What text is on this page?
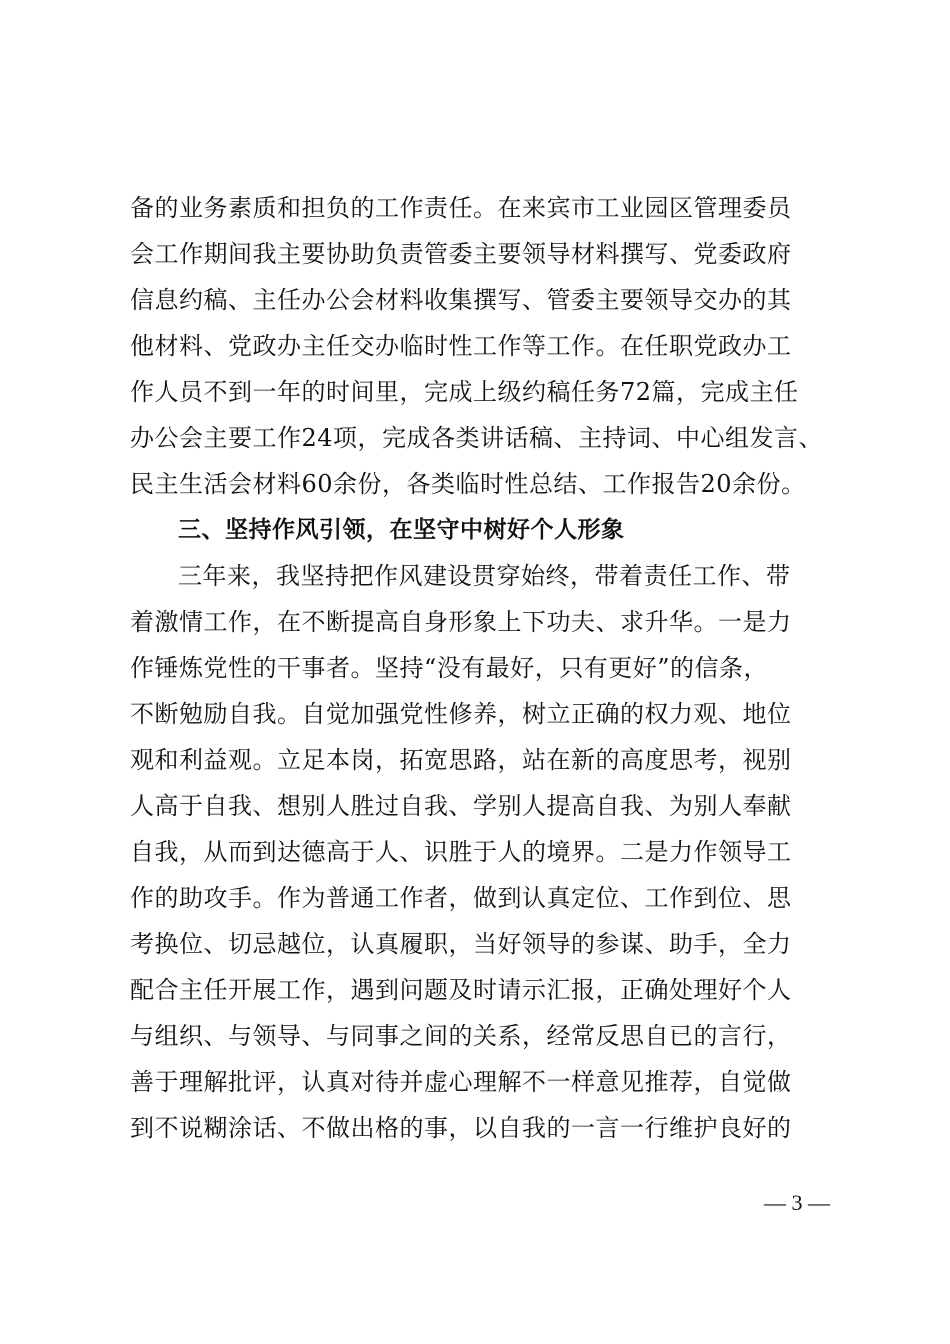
备的业务素质和担负的工作责任。在来宾市工业园区管理委员
会工作期间我主要协助负责管委主要领导材料撰写、党委政府
信息约稿、主任办公会材料收集撰写、管委主要领导交办的其
他材料、党政办主任交办临时性工作等工作。在任职党政办工
作人员不到一年的时间里，完成上级约稿任务72篇，完成主任
办公会主要工作24项，完成各类讲话稿、主持词、中心组发言、
民主生活会材料60余份，各类临时性总结、工作报告20余份。
三、坚持作风引领，在坚守中树好个人形象
三年来，我坚持把作风建设贯穿始终，带着责任工作、带
着激情工作，在不断提高自身形象上下功夫、求升华。一是力
作锤炼党性的干事者。坚持“没有最好，只有更好”的信条，
不断勉励自我。自觉加强党性修养，树立正确的权力观、地位
观和利益观。立足本岗，拓宽思路，站在新的高度思考，视别
人高于自我、想别人胜过自我、学别人提高自我、为别人奉献
自我，从而到达德高于人、识胜于人的境界。二是力作领导工
作的助攻手。作为普通工作者，做到认真定位、工作到位、思
考换位、切忌越位，认真履职，当好领导的参谋、助手，全力
配合主任开展工作，遇到问题及时请示汇报，正确处理好个人
与组织、与领导、与同事之间的关系，经常反思自已的言行，
善于理解批评，认真对待并虚心理解不一样意见推荐，自觉做
到不说糊涂话、不做出格的事，以自我的一言一行维护良好的
— 3 —
